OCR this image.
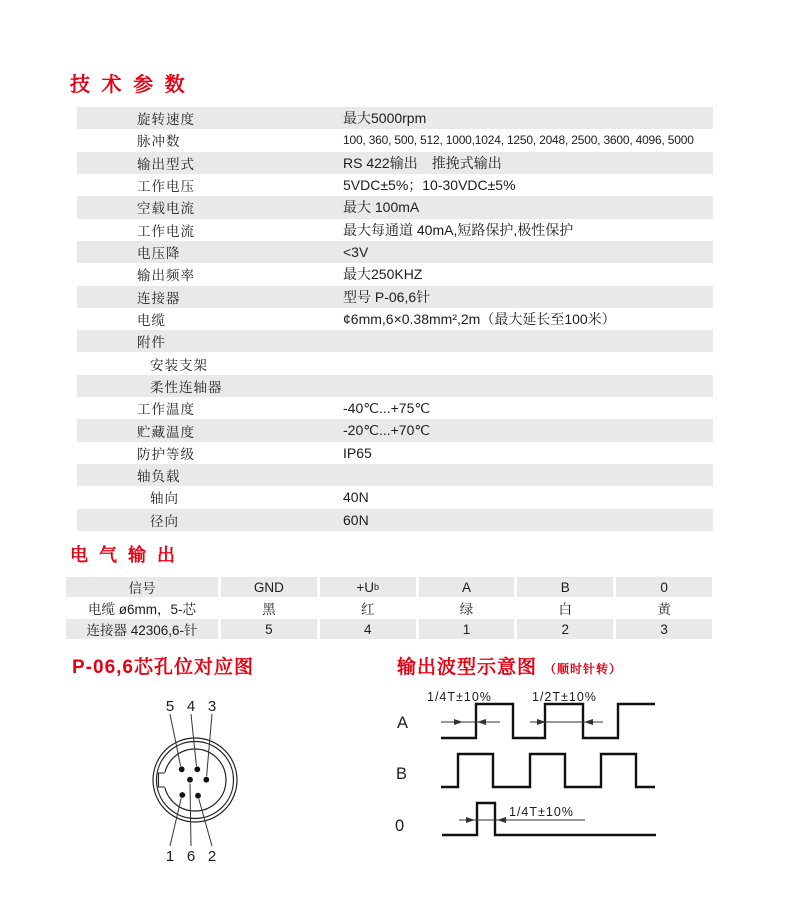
技 术 参 数
旋转速度	最大5000rpm
脉冲数	100, 360, 500, 512, 1000,1024, 1250, 2048, 2500, 3600, 4096, 5000
输出型式	RS 422输出　推挽式输出
工作电压	5VDC±5%；10-30VDC±5%
空载电流	最大 100mA
工作电流	最大每通道 40mA,短路保护,极性保护
电压降	<3V
输出频率	最大250KHZ
连接器	型号 P-06,6针
电缆	¢6mm,6×0.38mm²,2m（最大延长至100米）
附件
安装支架
柔性连轴器
工作温度	-40℃...+75℃
贮藏温度	-20℃...+70℃
防护等级	IP65
轴负载
轴向	40N
径向	60N
电 气 输 出
信号	GND	+U b	A	B	0
电缆 ø6mm，5-芯	黑	红	绿	白	黄
连接器 42306,6-针	5	4	1	2	3
P-06,6芯孔位对应图	输出波型示意图 （顺时针转）
5 4 3
1 6 2
A
B
0
1/4T±10%	1/2T±10%
1/4T±10%
